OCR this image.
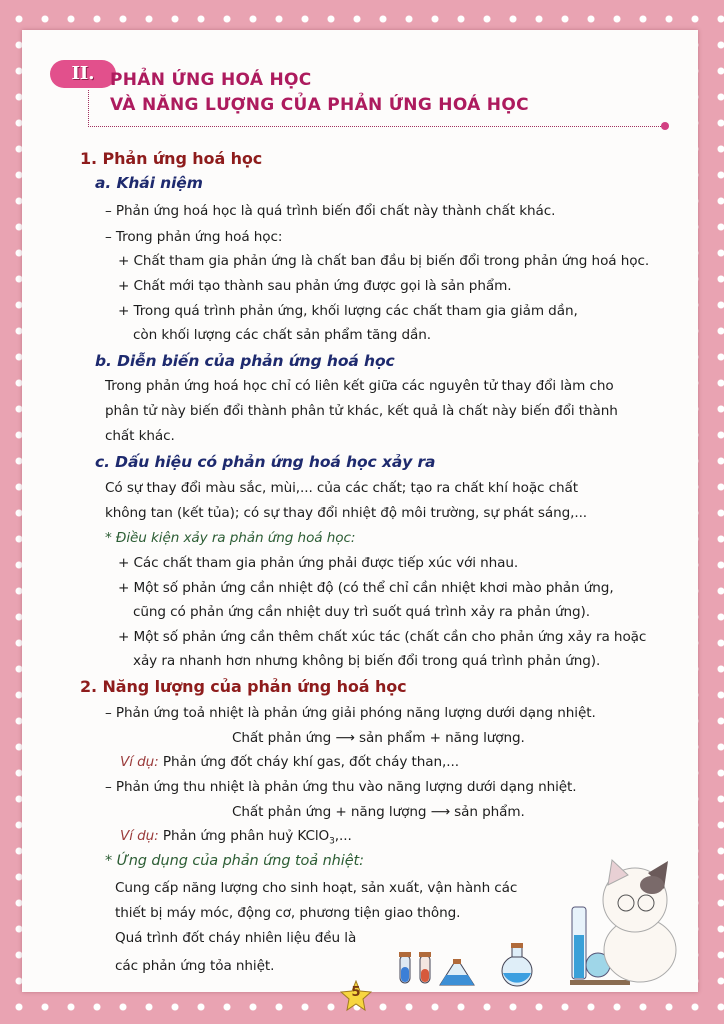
II. PHẢN ỨNG HOÁ HỌC
VÀ NĂNG LƯỢNG CỦA PHẢN ỨNG HOÁ HỌC
1. Phản ứng hoá học
a. Khái niệm
– Phản ứng hoá học là quá trình biến đổi chất này thành chất khác.
– Trong phản ứng hoá học:
+ Chất tham gia phản ứng là chất ban đầu bị biến đổi trong phản ứng hoá học.
+ Chất mới tạo thành sau phản ứng được gọi là sản phẩm.
+ Trong quá trình phản ứng, khối lượng các chất tham gia giảm dần,
còn khối lượng các chất sản phẩm tăng dần.
b. Diễn biến của phản ứng hoá học
Trong phản ứng hoá học chỉ có liên kết giữa các nguyên tử thay đổi làm cho
phân tử này biến đổi thành phân tử khác, kết quả là chất này biến đổi thành
chất khác.
c. Dấu hiệu có phản ứng hoá học xảy ra
Có sự thay đổi màu sắc, mùi,... của các chất; tạo ra chất khí hoặc chất
không tan (kết tủa); có sự thay đổi nhiệt độ môi trường, sự phát sáng,...
* Điều kiện xảy ra phản ứng hoá học:
+ Các chất tham gia phản ứng phải được tiếp xúc với nhau.
+ Một số phản ứng cần nhiệt độ (có thể chỉ cần nhiệt khơi mào phản ứng,
cũng có phản ứng cần nhiệt duy trì suốt quá trình xảy ra phản ứng).
+ Một số phản ứng cần thêm chất xúc tác (chất cần cho phản ứng xảy ra hoặc
xảy ra nhanh hơn nhưng không bị biến đổi trong quá trình phản ứng).
2. Năng lượng của phản ứng hoá học
– Phản ứng toả nhiệt là phản ứng giải phóng năng lượng dưới dạng nhiệt.
Chất phản ứng ⟶ sản phẩm + năng lượng.
Ví dụ: Phản ứng đốt cháy khí gas, đốt cháy than,...
– Phản ứng thu nhiệt là phản ứng thu vào năng lượng dưới dạng nhiệt.
Chất phản ứng + năng lượng ⟶ sản phẩm.
Ví dụ: Phản ứng phân huỷ KClO$_3$,...
* Ứng dụng của phản ứng toả nhiệt:
Cung cấp năng lượng cho sinh hoạt, sản xuất, vận hành các
thiết bị máy móc, động cơ, phương tiện giao thông.
Quá trình đốt cháy nhiên liệu đều là
các phản ứng tỏa nhiệt.
5
